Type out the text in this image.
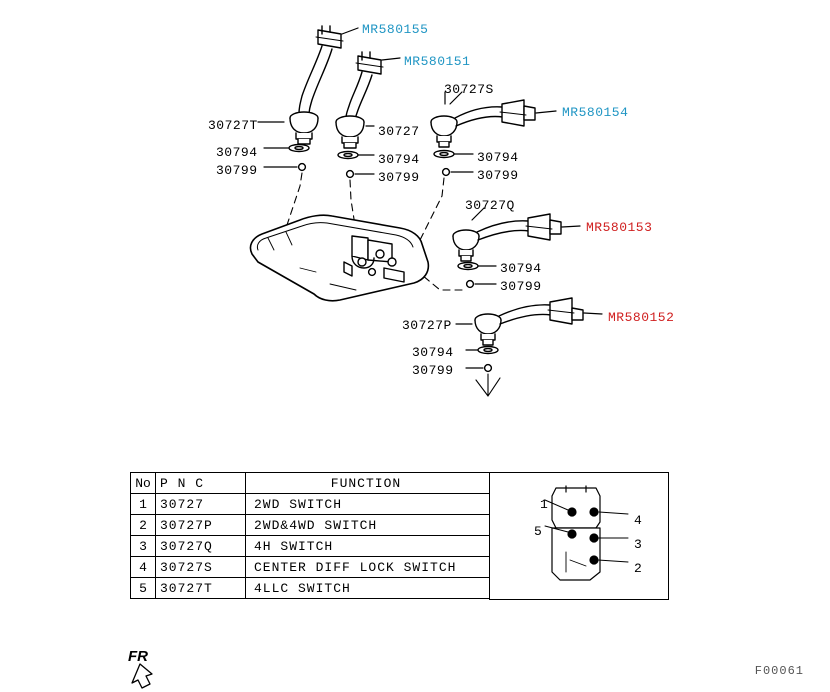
MR580155
MR580151
MR580154
MR580153
MR580152
30727T
30794
30799
30727
30794
30799
30727S
30794
30799
30727Q
30794
30799
30727P
30794
30799
1
4
5
3
2
No	P N C	FUNCTION
1	30727	2WD SWITCH
2	30727P	2WD&4WD SWITCH
3	30727Q	4H SWITCH
4	30727S	CENTER DIFF LOCK SWITCH
5	30727T	4LLC SWITCH
FR
F00061
